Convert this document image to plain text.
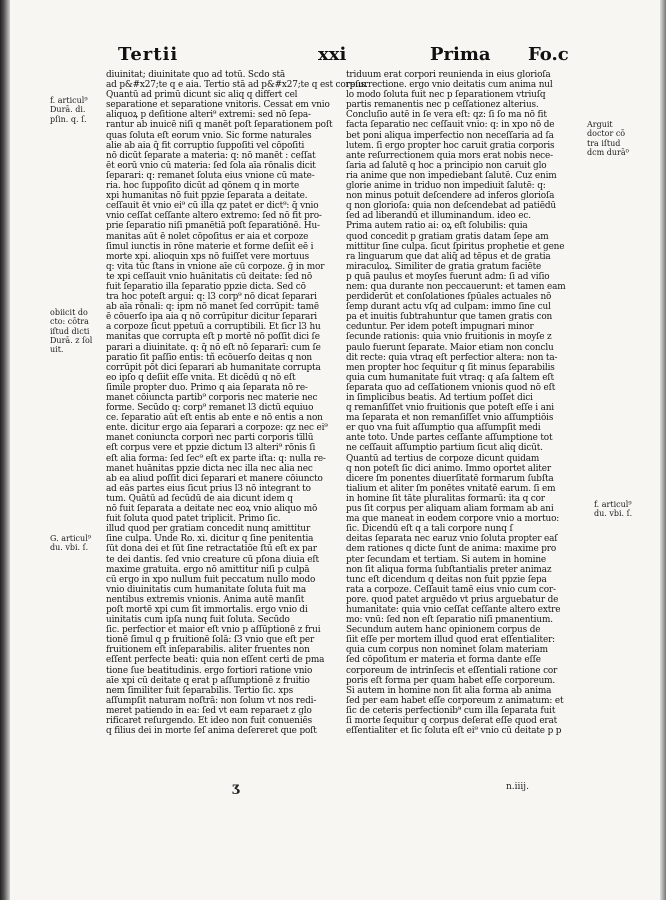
Tertii	xxi	Prima Fo.c

diuinitat; diuinitate quo ad totū. Scdo stā

ad p&#x27;te q e aia. Tertio stā ad p&#x27;te q est corpus.

Quantū ad primū dicunt sic aliq q differt cel

separatione et separatione vnitoris. Cessat em vnio

aliquoꝝ p deſitione alteri⁹ extremi: sed nō ſepa-

rantur ab inuicē niſi q manēt poſt ſeparationem poſt

quas ſoluta eſt eorum vnio. Sic forme naturales

alie ab aia q̄ fit corruptio ſuppoſiti vel cōpoſiti

nō dicūt ſeparate a materia: q: nō manēt : ceſſat

ēt eorū vnio cū materia: ſed ſola aīa rōnalis dicit

ſeparari: q: remanet ſoluta eius vnione cū mate-

ria. hoc ſuppoſito dicūt ad qōnem q in morte

xpi humanitas nō fuit ppzie ſeparata a deitate.

ceſſauit ēt vnio ei⁹ cū illa qz patet er dict⁹: q̄ vnio

vnio ceſſat ceſſante altero extremo: ſed nō fit pro-

prie ſeparatio niſi pmanētiā poſt ſeparatiōnē. Hu-

manitas aūt ē nolet cōpoſitus er aia et corpoze

ſimul iunctis in rōne materie et forme deſiit eē i

morte xpi. alioquin xps nō fuiſſet vere mortuus

q: vita tūc ſtans in vnione aīe cū corpoze. ḡ in mor

te xpi ceſſauit vnio huānitatis cū deitate: ſed nō

fuit ſeparatio illa ſeparatio ppzie dicta. Sed cō

tra hoc poteſt argui: q: l3 corp⁹ nō dicat ſeparari

ab aīa rōnali: q: ipm nō manet ſed corrūpit: tamē

ē cōuerſo ipa aia q nō corrūpitur dicitur ſeparari

a corpoze ſicut ppetuū a corruptibili. Et ſicr l3 hu

manitas que corrupta eſt p mortē nō poſſit dici ſe

parari a diuinitate. q: q̄ nō eſt nō ſepararī: cum ſe

paratio ſit paſſio entis: tñ ecōuerſo deitas q non

corrūpit pōt dici ſeparari ab humanitate corrupta

eo ipſo q deſiit eſſe vnita. Et dicēdū q nō eſt

ſimile propter duo. Primo q aia ſeparata nō re-

manet cōiuncta partib⁹ corporis nec materie nec

forme. Secūdo q: corp⁹ remanet l3 dictū equiuo

ce. ſeparatio aūt eſt entis ab ente e nō entis a non

ente. dicitur ergo aia ſeparari a corpoze: qz nec ei⁹

manet coniuncta corpori nec parti corporis tīllū

eſt corpus vere et ppzie dictum l3 alteri⁹ rōnis ſi

eſt alia forma: ſed ſec⁹ eſt ex parte iſta: q: nulla re-

manet huānitas ppzie dicta nec illa nec alia nec

ab ea aliud poſſit dici ſeparari et manere cōiuncto

ad eās partes eius ſicut prius l3 nō integrant to

tum. Quātū ad ſecūdū de aia dicunt idem q

nō fuit ſeparata a deitate nec eoꝝ vnio aliquo mō

fuit ſoluta quod patet triplicit. Primo ſic.

illud quod per gratiam concedit nunq amittitur

ſine culpa. Unde Ro. xi. dicitur q ſine penitentia

ſūt dona dei et ſūt ſine retractatiōe ſtū eſt ex par

te dei dantis. ſed vnio creature cū pſona diuia eſt

maxime gratuita. ergo nō amittitur niſi p culpā

cū ergo in xpo nullum fuit peccatum nullo modo

vnio diuinitatis cum humanitate ſoluta fuit ma

nentibus extremis vnionis. Anima autē manſit

poſt mortē xpi cum ſit immortalis. ergo vnio di

uinitatis cum ipſa nunq fuit ſoluta. Secūdo

ſic. perfectior et maior eſt vnio p aſſūptionē z frui

tionē ſimul q p fruitionē ſolā: ſ3 vnio que eſt per

fruitionem eſt inſeparabilis. aliter fruentes non

eſſent perfecte beati: quia non eſſent certi de pma

tione ſue beatitudinis. ergo fortiori ratione vnio

aīe xpi cū deitate q erat p aſſumptionē z fruitio

nem ſimiliter fuit ſeparabilis. Tertio ſic. xps

aſſumpſit naturam noſtrā: non ſolum vt nos redi-

meret patiendo in ea: ſed vt eam reparaet z glo

rificaret reſurgendo. Et ideo non fuit conueniēs

q filius dei in morte ſeſ anima deſereret que poſt

triduum erat corpori reunienda in eius glorioſa

reſurrectione. ergo vnio deitatis cum anima nul

lo modo ſoluta fuit nec p ſeparationem vtriuſq

partis remanentis nec p ceſſationez alterius.

Concluſio autē in ſe vera eſt: qz: ſi ſo ma nō fit

facta ſeparatio nec ceſſauit vnio: q: in xpo nō de

bet poni aliqua imperfectio non neceſſaria ad ſa

lutem. ſi ergo propter hoc caruit gratia corporis

ante reſurrectionem quia mors erat nobis nece-

ſaria ad ſalutē q hoc a principio non caruit glo

ria anime que non impediebant ſalutē. Cuz enim

glorie anime in triduo non impediuit ſalutē: q:

non minus potuit deſcendere ad inferos glorioſa

q non glorioſa: quia non deſcendebat ad patiēdū

ſed ad liberandū et illuminandum. ideo ec.

Prima autem ratio ai: oꝝ eſt ſolubilis: quia

quod concedit p gratiam gratis datam ſepe am

mittitur ſine culpa. ſicut ſpiritus prophetie et gene

ra linguarum que dat aliq̄ ad tēpus et de gratia

miraculoꝝ. Similiter de gratia gratum faciēte

p quā paulus et moyſes fuerunt adm: ſi ad viſio

nem: qua durante non peccauerunt: et tamen eam

perdiderūt et conſolationes ſpūales actuales nō

ſemp durant actu vſq ad culpam: immo ſine cul

pa et inuitis ſubtrahuntur que tamen gratis con

ceduntur. Per idem poteſt impugnari minor

ſecunde rationis: quia vnio fruitionis in moyſe z

paulo fuerunt ſeparate. Maior etiam non conclu

dit recte: quia vtraq eſt perfectior altera: non ta-

men propter hoc ſequitur q ſit minus ſeparabilis

quia cum humanitate fuit vtraq: q aſa ſaltem eſt

ſeparata quo ad ceſſationem vnionis quod nō eſt

in ſimplicibus beatis. Ad tertium poſſet dici

q remanſiſſet vnio fruitionis que poteſt eſſe i ani

ma ſeparata et non remanſiſſet vnio aſſumptiōis

er quo vna fuit aſſumptio qua aſſumpſit medi

ante toto. Unde partes ceſſante aſſumptione tot

ne ceſſauit aſſumptio partium ſicut aliq dicūt.

Quantū ad tertius de corpoze dicunt quidam

q non poteſt ſic dici animo. Immo oportet aliter

dicere ſm ponentes diuerſitatē formarum ſubſta

tialium et aliter ſm ponētes vnitatē earum. ſi em

in homine ſit tāte pluralitas formarū: ita q cor

pus ſit corpus per aliquam aliam formam ab ani

ma que maneat in eodem corpore vnio a mortuo:

ſic. Dicendū eſt q a tali corpore nunq ſ

deitas ſeparata nec earuz vnio ſoluta propter eaſ

dem rationes q dicte ſunt de anima: maxime pro

pter ſecundam et tertiam. Si autem in homine

non ſit aliqua forma ſubſtantialis preter animaz

tunc eſt dicendum q deitas non fuit ppzie ſepa

rata a corpoze. Ceſſauit tamē eius vnio cum cor-

pore. quod patet arguēdo vt prius arguebatur de

humanitate: quia vnio ceſſat ceſſante altero extre

mo: vnū: ſed non eſt ſeparatio niſi pmanentium.

Secundum autem hanc opinionem corpus de

ſiit eſſe per mortem illud quod erat eſſentialiter:

quia cum corpus non nominet ſolam materiam

ſed cōpoſitum er materia et forma dante eſſe

corporeum de intrinſecis et eſſentiali ratione cor

poris eſt forma per quam habet eſſe corporeum.

Si autem in homine non ſit alia forma ab anima

ſed per eam habet eſſe corporeum z animatum: et

ſic de ceteris perfectionib⁹ cum illa ſeparata fuit

ſi morte ſequitur q corpus deſerat eſſe quod erat

eſſentialiter et ſic ſoluta eſt ei⁹ vnio cū deitate p p

f. articul⁹

Durā. di.

pſin. q. ſ.

obiicit do

cto: cōtra

iſtud dicti

Durā. z ſol

uit.

G. articul⁹

du. vbi. ſ.

Arguit

doctor cō

tra iſtud

dcm durā⁰

f. articul⁹

du. vbi. ſ.

Ʒ	n.iiij.
